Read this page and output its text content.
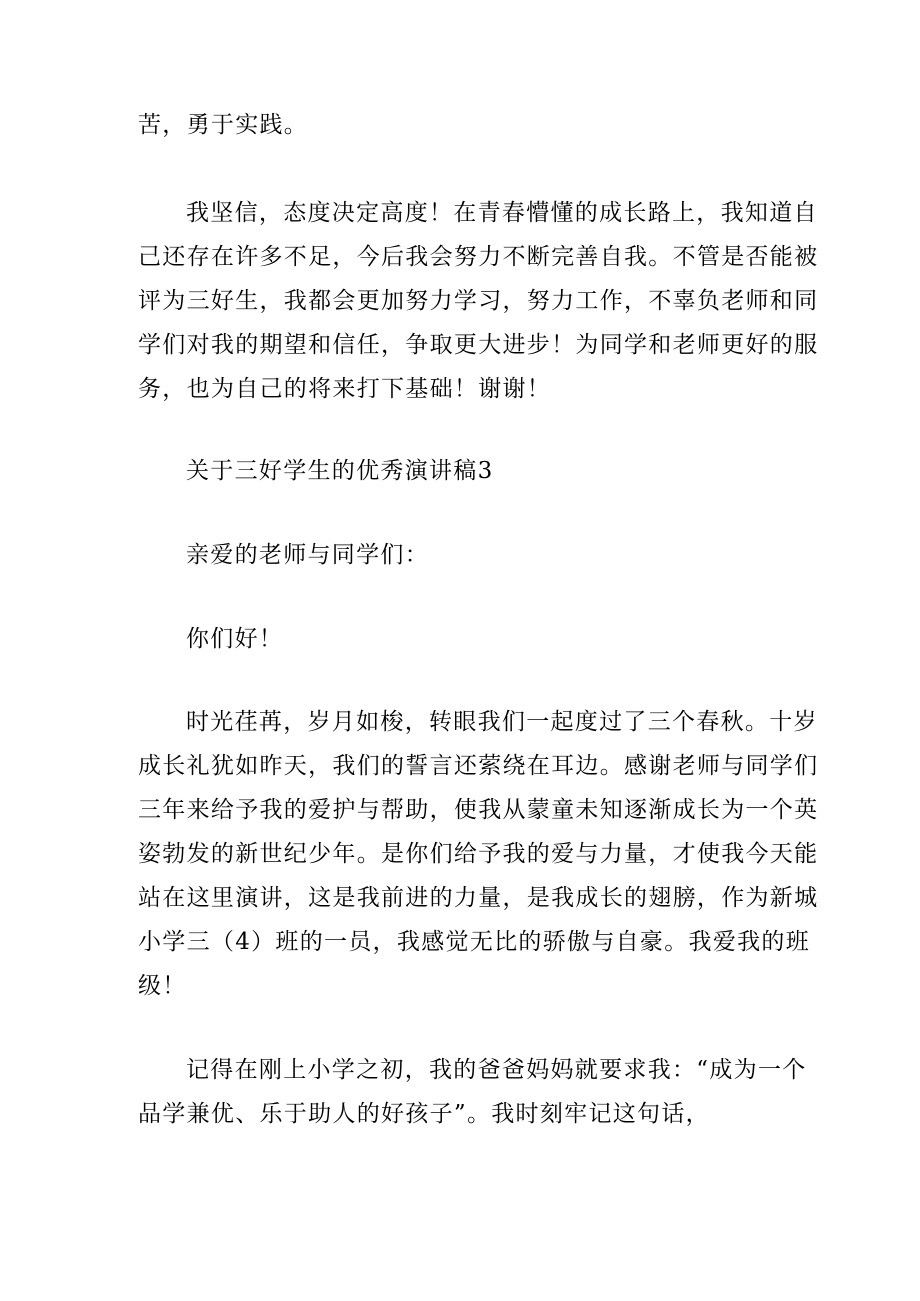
苦，勇于实践。
我坚信，态度决定高度！在青春懵懂的成长路上，我知道自
己还存在许多不足，今后我会努力不断完善自我。不管是否能被
评为三好生，我都会更加努力学习，努力工作，不辜负老师和同
学们对我的期望和信任，争取更大进步！为同学和老师更好的服
务，也为自己的将来打下基础！谢谢！
关于三好学生的优秀演讲稿3
亲爱的老师与同学们：
你们好！
时光荏苒，岁月如梭，转眼我们一起度过了三个春秋。十岁
成长礼犹如昨天，我们的誓言还萦绕在耳边。感谢老师与同学们
三年来给予我的爱护与帮助，使我从蒙童未知逐渐成长为一个英
姿勃发的新世纪少年。是你们给予我的爱与力量，才使我今天能
站在这里演讲，这是我前进的力量，是我成长的翅膀，作为新城
小学三（4）班的一员，我感觉无比的骄傲与自豪。我爱我的班
级！
记得在刚上小学之初，我的爸爸妈妈就要求我：“成为一个
品学兼优、乐于助人的好孩子”。我时刻牢记这句话，
